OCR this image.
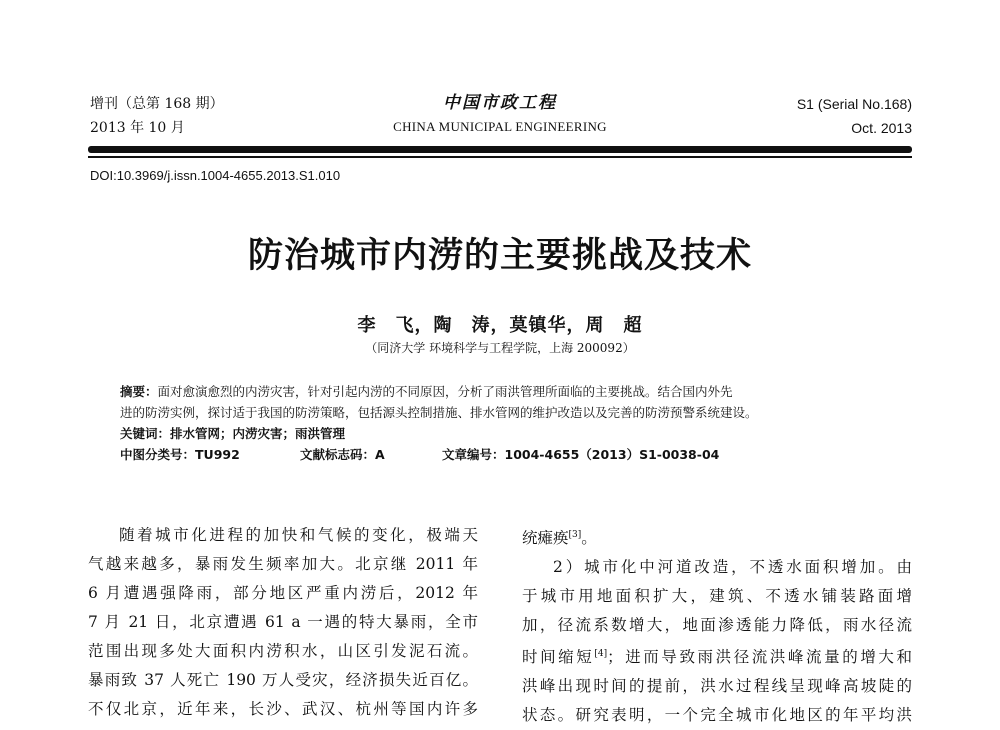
增刊（总第 168 期）
2013 年 10 月
中国市政工程
CHINA MUNICIPAL ENGINEERING
S1 (Serial No.168)
Oct. 2013
DOI:10.3969/j.issn.1004-4655.2013.S1.010
防治城市内涝的主要挑战及技术
李　飞，陶　涛，莫镇华，周　超
（同济大学 环境科学与工程学院，上海 200092）
摘要：面对愈演愈烈的内涝灾害，针对引起内涝的不同原因，分析了雨洪管理所面临的主要挑战。结合国内外先
进的防涝实例，探讨适于我国的防涝策略，包括源头控制措施、排水管网的维护改造以及完善的防涝预警系统建设。
关键词：排水管网；内涝灾害；雨洪管理
中图分类号：TU992	文献标志码：A	文章编号：1004-4655（2013）S1-0038-04

随着城市化进程的加快和气候的变化，极端天

气越来越多，暴雨发生频率加大。北京继 2011 年

6 月遭遇强降雨，部分地区严重内涝后，2012 年

7 月 21 日，北京遭遇 61 a 一遇的特大暴雨，全市

范围出现多处大面积内涝积水，山区引发泥石流。

暴雨致 37 人死亡 190 万人受灾，经济损失近百亿。

不仅北京，近年来，长沙、武汉、杭州等国内许多

统瘫痪[3]。

2）城市化中河道改造，不透水面积增加。由

于城市用地面积扩大，建筑、不透水铺装路面增

加，径流系数增大，地面渗透能力降低，雨水径流

时间缩短[4]；进而导致雨洪径流洪峰流量的增大和

洪峰出现时间的提前，洪水过程线呈现峰高坡陡的

状态。研究表明，一个完全城市化地区的年平均洪
